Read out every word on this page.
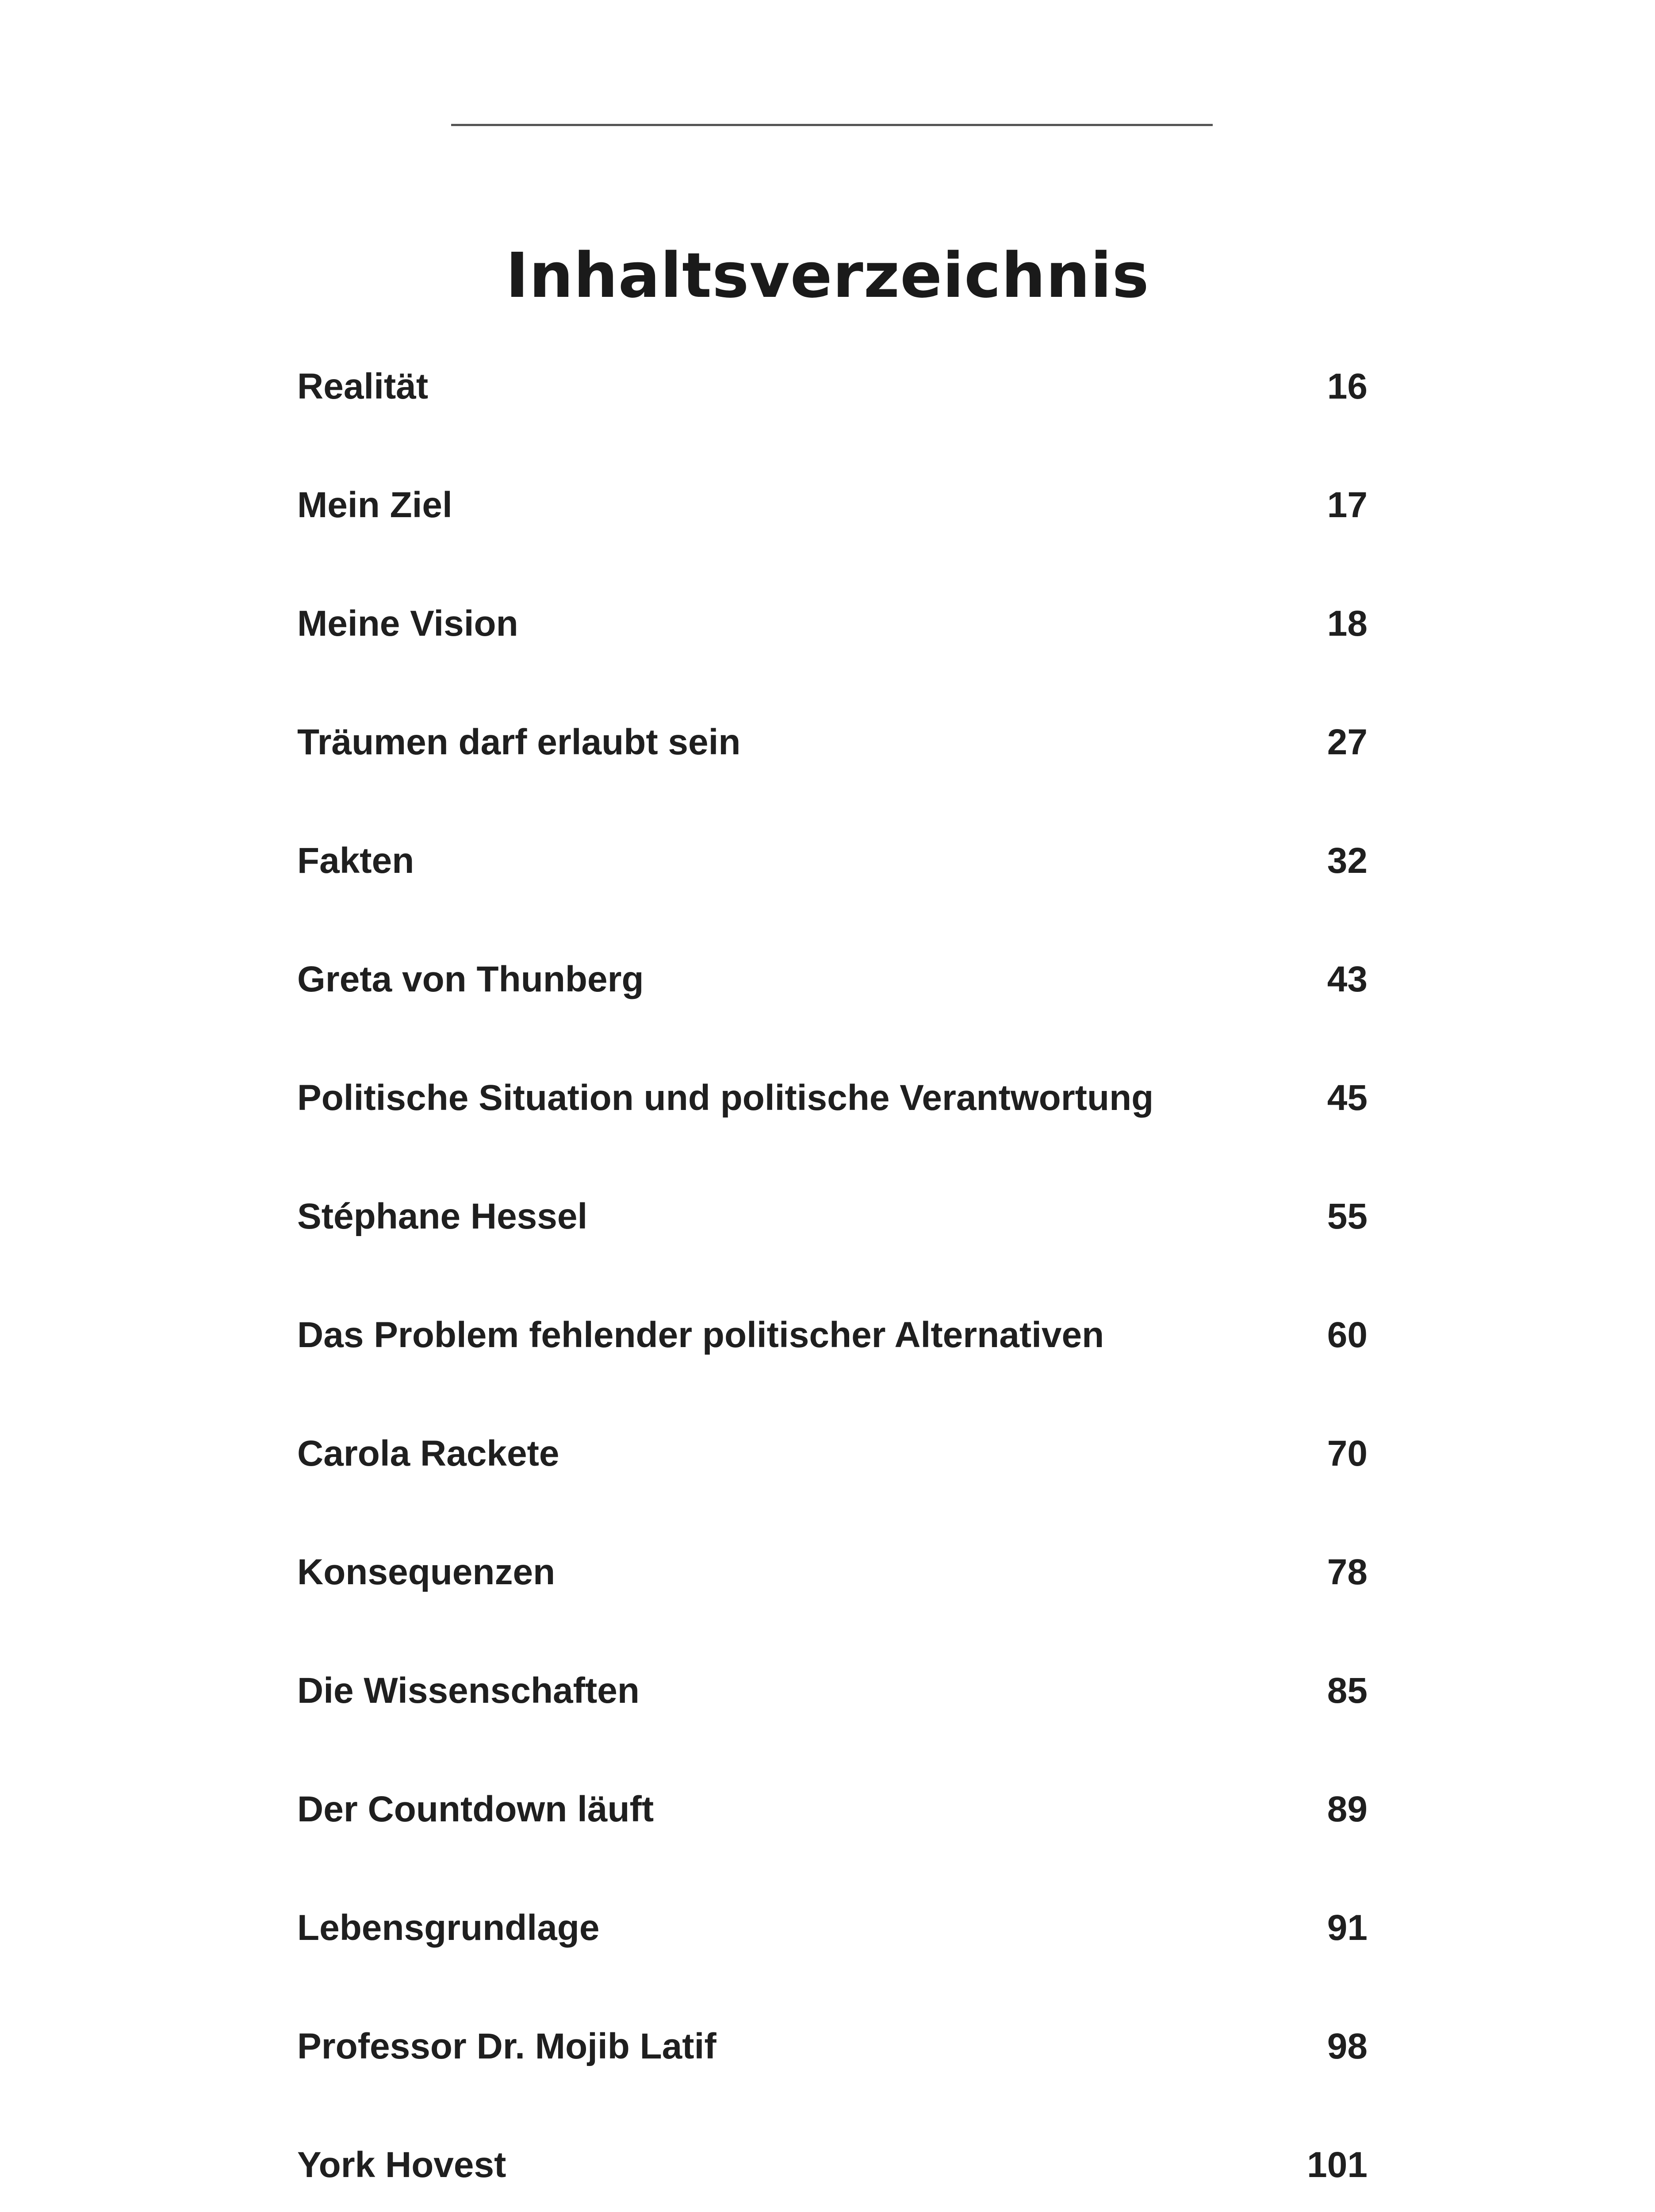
Inhaltsverzeichnis
Realität	16
Mein Ziel	17
Meine Vision	18
Träumen darf erlaubt sein	27
Fakten	32
Greta von Thunberg	43
Politische Situation und politische Verantwortung	45
Stéphane Hessel	55
Das Problem fehlender politischer Alternativen	60
Carola Rackete	70
Konsequenzen	78
Die Wissenschaften	85
Der Countdown läuft	89
Lebensgrundlage	91
Professor Dr. Mojib Latif	98
York Hovest	101
